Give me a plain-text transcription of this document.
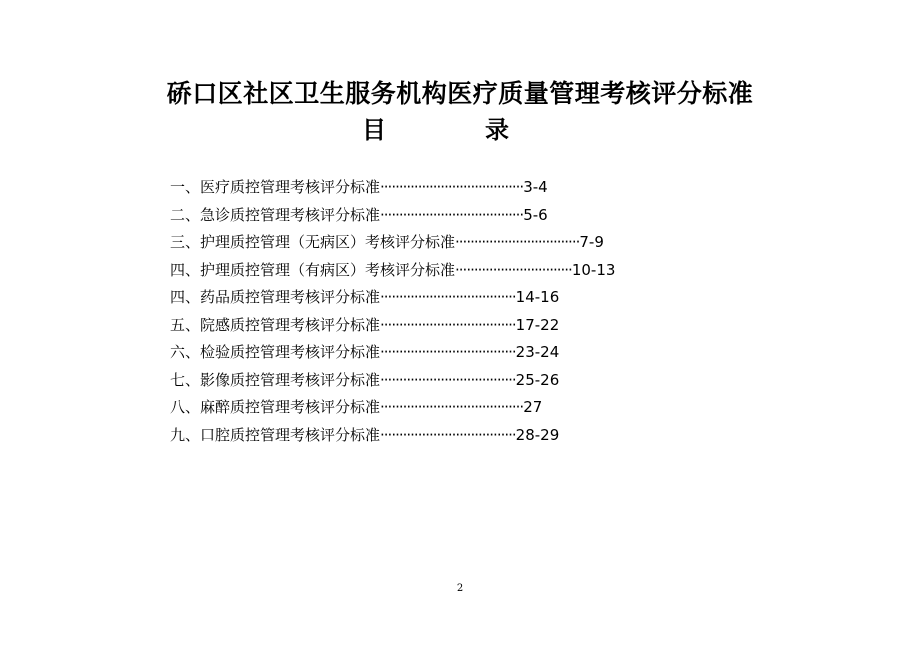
硚口区社区卫生服务机构医疗质量管理考核评分标准
目	录
一、医疗质控管理考核评分标准······································3-4
二、急诊质控管理考核评分标准······································5-6
三、护理质控管理（无病区）考核评分标准·································7-9
四、护理质控管理（有病区）考核评分标准·······························10-13
四、药品质控管理考核评分标准····································14-16
五、院感质控管理考核评分标准····································17-22
六、检验质控管理考核评分标准····································23-24
七、影像质控管理考核评分标准····································25-26
八、麻醉质控管理考核评分标准······································27
九、口腔质控管理考核评分标准····································28-29
2
